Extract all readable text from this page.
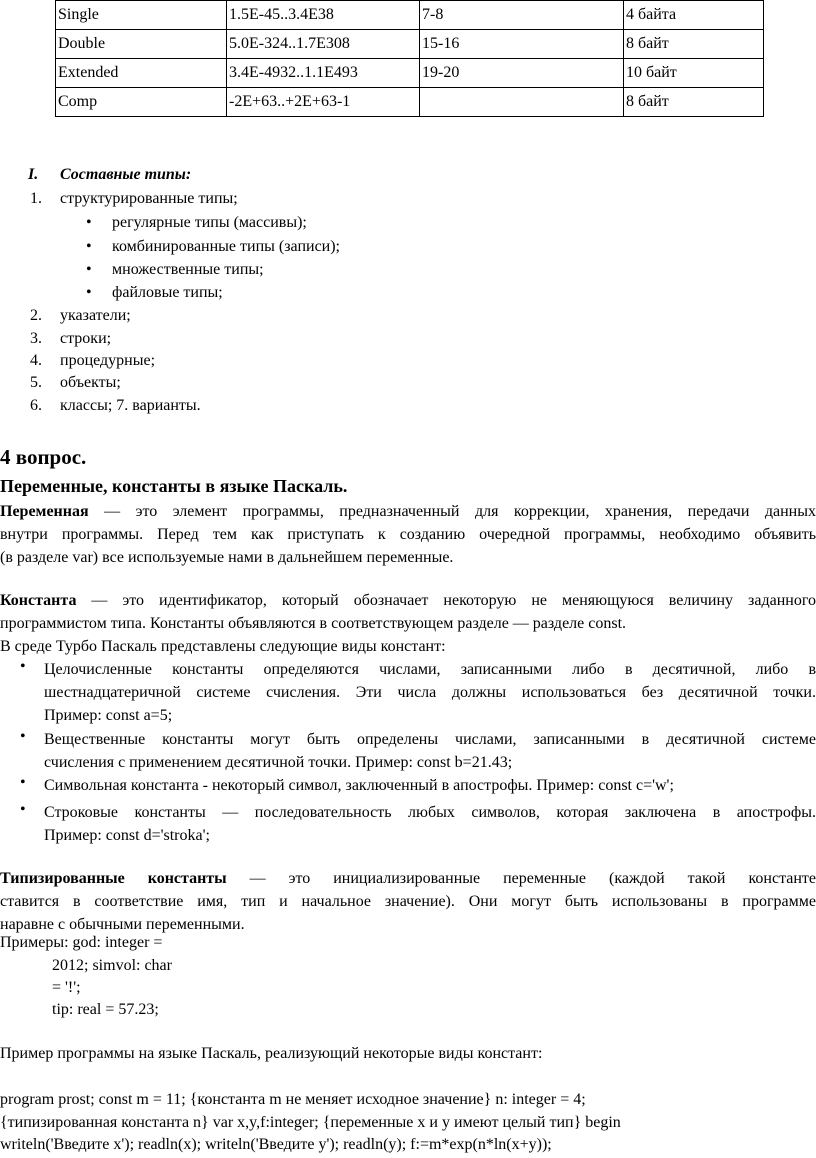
Single	1.5E-45..3.4E38	7-8	4 байта
Double	5.0E-324..1.7E308	15-16	8 байт
Extended	3.4E-4932..1.1E493	19-20	10 байт
Comp	-2E+63..+2E+63-1		8 байт
I. Составные типы:
1. структурированные типы;
• регулярные типы (массивы);
• комбинированные типы (записи);
• множественные типы;
• файловые типы;
2. указатели;
3. строки;
4. процедурные;
5. объекты;
6. классы; 7. варианты.
4 вопрос.
Переменные, константы в языке Паскаль.
Переменная — это элемент программы, предназначенный для коррекции, хранения, передачи данных
внутри программы. Перед тем как приступать к созданию очередной программы, необходимо объявить
(в разделе var) все используемые нами в дальнейшем переменные.
Константа — это идентификатор, который обозначает некоторую не меняющуюся величину заданного
программистом типа. Константы объявляются в соответствующем разделе — разделе const.
В среде Турбо Паскаль представлены следующие виды констант:
• Целочисленные константы определяются числами, записанными либо в десятичной, либо в
шестнадцатеричной системе счисления. Эти числа должны использоваться без десятичной точки.
Пример: const a=5;
• Вещественные константы могут быть определены числами, записанными в десятичной системе
счисления с применением десятичной точки. Пример: const b=21.43;
• Символьная константа - некоторый символ, заключенный в апострофы. Пример: const c='w';
• Строковые константы — последовательность любых символов, которая заключена в апострофы.
Пример: const d='stroka';
Типизированные константы — это инициализированные переменные (каждой такой константе
ставится в соответствие имя, тип и начальное значение). Они могут быть использованы в программе
наравне с обычными переменными.
Примеры: god: integer =
2012; simvol: char
= '!';
tip: real = 57.23;
Пример программы на языке Паскаль, реализующий некоторые виды констант:
program prost; const m = 11; {константа m не меняет исходное значение} n: integer = 4;
{типизированная константа n} var x,y,f:integer; {переменные x и y имеют целый тип} begin
writeln('Введите x'); readln(x); writeln('Введите y'); readln(y); f:=m*exp(n*ln(x+y));
